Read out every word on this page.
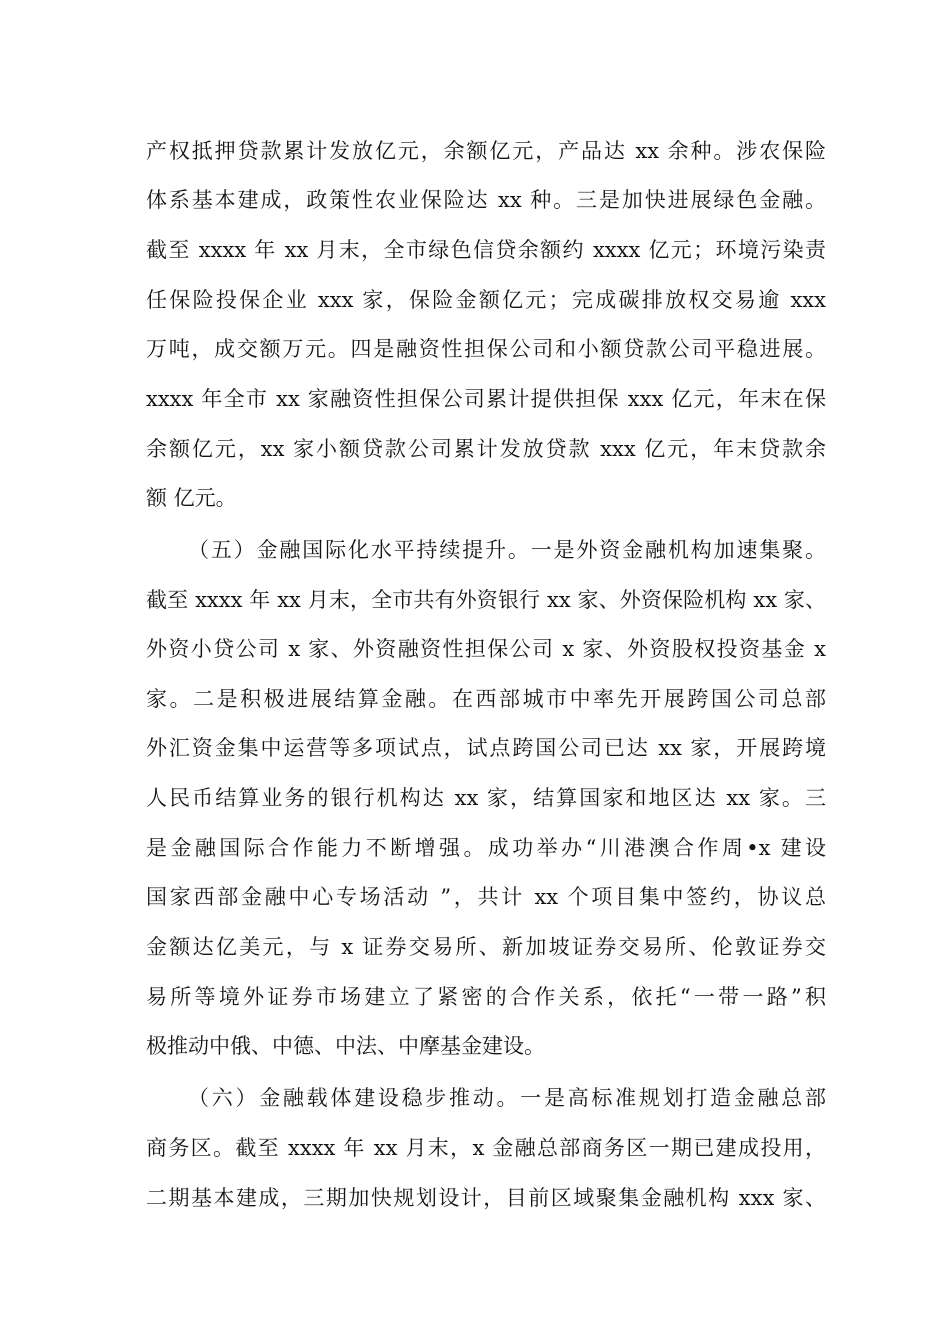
产权抵押贷款累计发放亿元，余额亿元，产品达 xx 余种。涉农保险
体系基本建成，政策性农业保险达 xx 种。三是加快进展绿色金融。
截至 xxxx 年 xx 月末，全市绿色信贷余额约 xxxx 亿元；环境污染责
任保险投保企业 xxx 家，保险金额亿元；完成碳排放权交易逾 xxx
万吨，成交额万元。四是融资性担保公司和小额贷款公司平稳进展。
xxxx 年全市 xx 家融资性担保公司累计提供担保 xxx 亿元，年末在保
余额亿元，xx 家小额贷款公司累计发放贷款 xxx 亿元，年末贷款余
额 亿元。
（五）金融国际化水平持续提升。一是外资金融机构加速集聚。
截至 xxxx 年 xx 月末，全市共有外资银行 xx 家、外资保险机构 xx 家、
外资小贷公司 x 家、外资融资性担保公司 x 家、外资股权投资基金 x
家。二是积极进展结算金融。在西部城市中率先开展跨国公司总部
外汇资金集中运营等多项试点，试点跨国公司已达 xx 家，开展跨境
人民币结算业务的银行机构达 xx 家，结算国家和地区达 xx 家。三
是金融国际合作能力不断增强。成功举办“川港澳合作周•x 建设
国家西部金融中心专场活动 ”，共计 xx 个项目集中签约，协议总
金额达亿美元，与 x 证券交易所、新加坡证券交易所、伦敦证券交
易所等境外证券市场建立了紧密的合作关系，依托“一带一路”积
极推动中俄、中德、中法、中摩基金建设。
（六）金融载体建设稳步推动。一是高标准规划打造金融总部
商务区。截至 xxxx 年 xx 月末，x 金融总部商务区一期已建成投用，
二期基本建成，三期加快规划设计，目前区域聚集金融机构 xxx 家、
